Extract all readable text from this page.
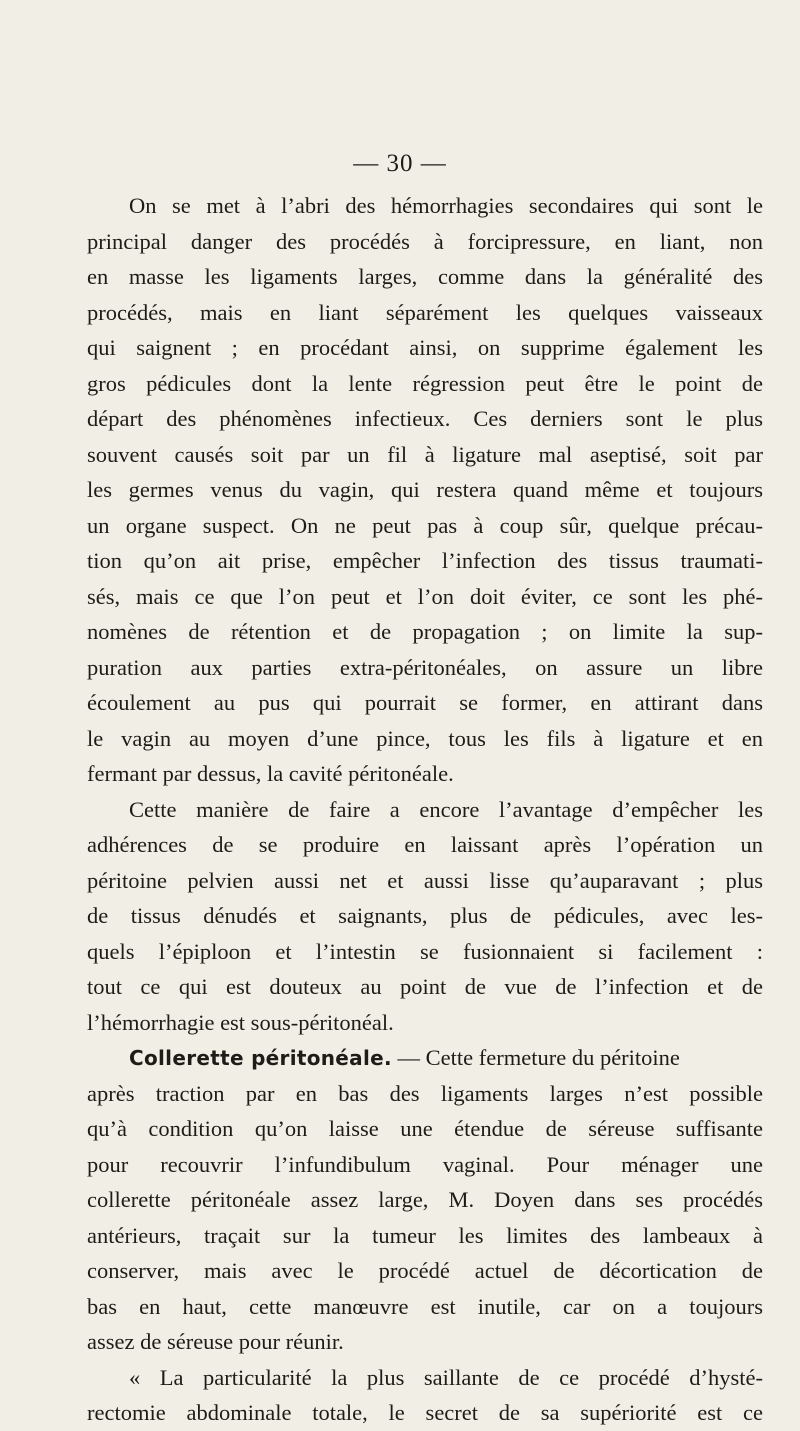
— 30 —
On se met à l’abri des hémorrhagies secondaires qui sont le
principal danger des procédés à forcipressure, en liant, non
en masse les ligaments larges, comme dans la généralité des
procédés, mais en liant séparément les quelques vaisseaux
qui saignent ; en procédant ainsi, on supprime également les
gros pédicules dont la lente régression peut être le point de
départ des phénomènes infectieux. Ces derniers sont le plus
souvent causés soit par un fil à ligature mal aseptisé, soit par
les germes venus du vagin, qui restera quand même et toujours
un organe suspect. On ne peut pas à coup sûr, quelque précau-
tion qu’on ait prise, empêcher l’infection des tissus traumati-
sés, mais ce que l’on peut et l’on doit éviter, ce sont les phé-
nomènes de rétention et de propagation ; on limite la sup-
puration aux parties extra-péritonéales, on assure un libre
écoulement au pus qui pourrait se former, en attirant dans
le vagin au moyen d’une pince, tous les fils à ligature et en
fermant par dessus, la cavité péritonéale.
Cette manière de faire a encore l’avantage d’empêcher les
adhérences de se produire en laissant après l’opération un
péritoine pelvien aussi net et aussi lisse qu’auparavant ; plus
de tissus dénudés et saignants, plus de pédicules, avec les-
quels l’épiploon et l’intestin se fusionnaient si facilement :
tout ce qui est douteux au point de vue de l’infection et de
l’hémorrhagie est sous-péritonéal.
Collerette péritonéale. — Cette fermeture du péritoine
après traction par en bas des ligaments larges n’est possible
qu’à condition qu’on laisse une étendue de séreuse suffisante
pour recouvrir l’infundibulum vaginal. Pour ménager une
collerette péritonéale assez large, M. Doyen dans ses procédés
antérieurs, traçait sur la tumeur les limites des lambeaux à
conserver, mais avec le procédé actuel de décortication de
bas en haut, cette manœuvre est inutile, car on a toujours
assez de séreuse pour réunir.
« La particularité la plus saillante de ce procédé d’hysté-
rectomie abdominale totale, le secret de sa supériorité est ce
